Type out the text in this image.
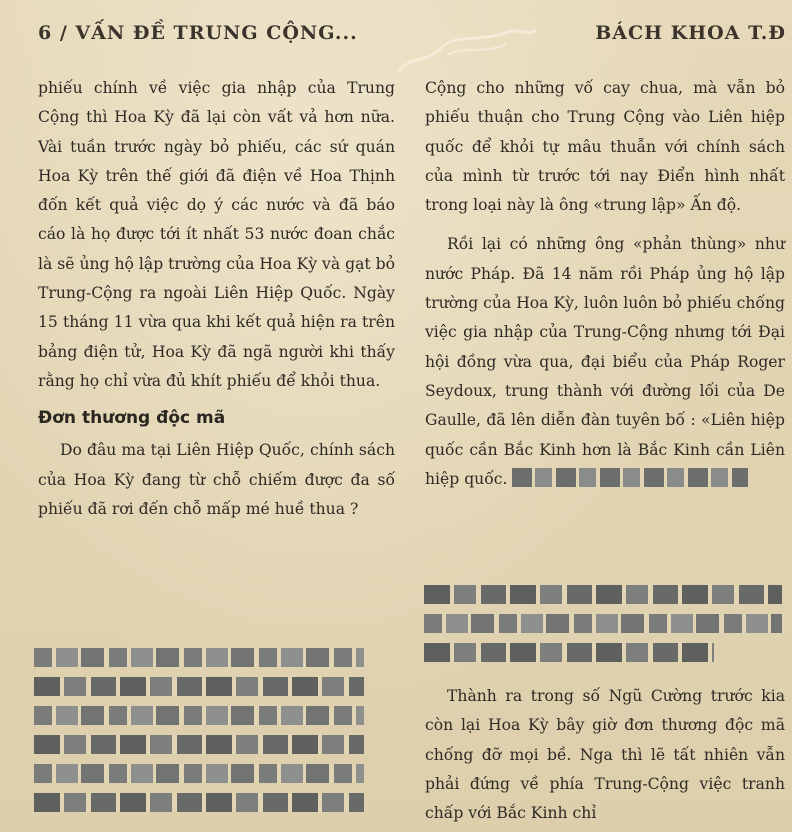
6 / VẤN ĐỀ TRUNG CỘNG...	BÁCH KHOA T.Đ

phiếu chính về việc gia nhập của Trung Cộng thì Hoa Kỳ đã lại còn vất vả hơn nữa. Vài tuần trước ngày bỏ phiếu, các sứ quán Hoa Kỳ trên thế giới đã điện về Hoa Thịnh đốn kết quả việc dọ ý các nước và đã báo cáo là họ được tới ít nhất 53 nước đoan chắc là sẽ ủng hộ lập trường của Hoa Kỳ và gạt bỏ Trung-Cộng ra ngoài Liên Hiệp Quốc. Ngày 15 tháng 11 vừa qua khi kết quả hiện ra trên bảng điện tử, Hoa Kỳ đã ngã người khi thấy rằng họ chỉ vừa đủ khít phiếu để khỏi thua.

Đơn thương độc mã

Do đâu ma tại Liên Hiệp Quốc, chính sách của Hoa Kỳ đang từ chỗ chiếm được đa số phiếu đã rơi đến chỗ mấp mé huề thua ?

Cộng cho những vố cay chua, mà vẫn bỏ phiếu thuận cho Trung Cộng vào Liên hiệp quốc để khỏi tự mâu thuẫn với chính sách của mình từ trước tới nay Điển hình nhất trong loại này là ông «trung lập» Ấn độ.

Rồi lại có những ông «phản thùng» như nước Pháp. Đã 14 năm rồi Pháp ủng hộ lập trường của Hoa Kỳ, luôn luôn bỏ phiếu chống việc gia nhập của Trung-Cộng nhưng tới Đại hội đồng vừa qua, đại biểu của Pháp Roger Seydoux, trung thành với đường lối của De Gaulle, đã lên diễn đàn tuyên bố : «Liên hiệp quốc cần Bắc Kinh hơn là Bắc Kinh cần Liên hiệp quốc.

Thành ra trong số Ngũ Cường trước kia còn lại Hoa Kỳ bây giờ đơn thương độc mã chống đỡ mọi bề. Nga thì lẽ tất nhiên vẫn phải đứng về phía Trung-Cộng việc tranh chấp với Bắc Kinh chỉ
